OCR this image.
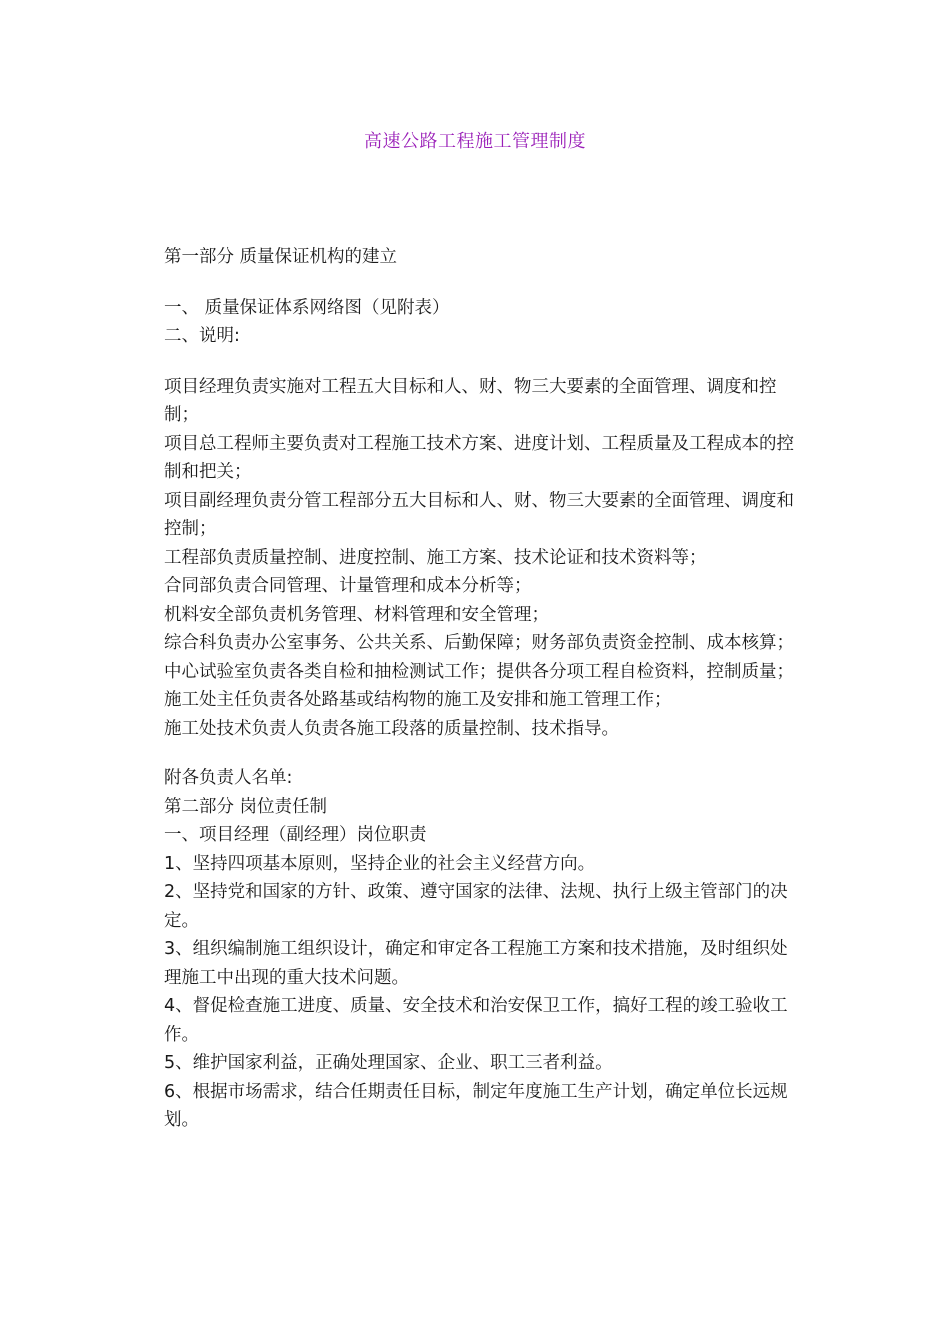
高速公路工程施工管理制度

第一部分 质量保证机构的建立

一、 质量保证体系网络图（见附表）

二、说明:

项目经理负责实施对工程五大目标和人、财、物三大要素的全面管理、调度和控制；

项目总工程师主要负责对工程施工技术方案、进度计划、工程质量及工程成本的控制和把关；

项目副经理负责分管工程部分五大目标和人、财、物三大要素的全面管理、调度和控制；

工程部负责质量控制、进度控制、施工方案、技术论证和技术资料等；

合同部负责合同管理、计量管理和成本分析等；

机料安全部负责机务管理、材料管理和安全管理；

综合科负责办公室事务、公共关系、后勤保障；财务部负责资金控制、成本核算；

中心试验室负责各类自检和抽检测试工作；提供各分项工程自检资料，控制质量；

施工处主任负责各处路基或结构物的施工及安排和施工管理工作；

施工处技术负责人负责各施工段落的质量控制、技术指导。

附各负责人名单:

第二部分 岗位责任制

一、项目经理（副经理）岗位职责

1、坚持四项基本原则，坚持企业的社会主义经营方向。

2、坚持党和国家的方针、政策、遵守国家的法律、法规、执行上级主管部门的决定。

3、组织编制施工组织设计，确定和审定各工程施工方案和技术措施，及时组织处理施工中出现的重大技术问题。

4、督促检查施工进度、质量、安全技术和治安保卫工作，搞好工程的竣工验收工作。

5、维护国家利益，正确处理国家、企业、职工三者利益。

6、根据市场需求，结合任期责任目标，制定年度施工生产计划，确定单位长远规划。
